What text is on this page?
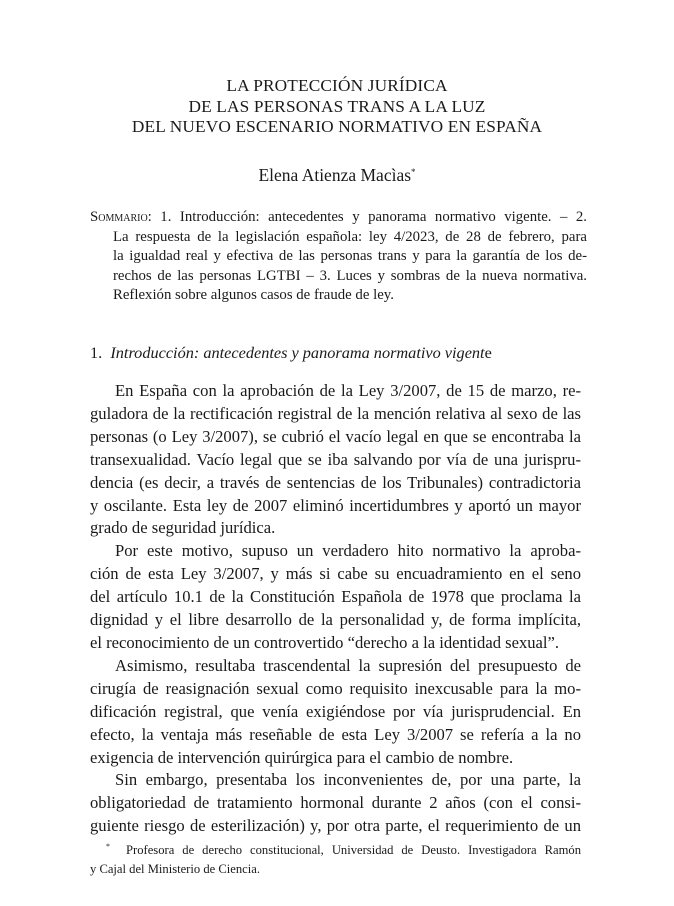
LA PROTECCIÓN JURÍDICA
DE LAS PERSONAS TRANS A LA LUZ
DEL NUEVO ESCENARIO NORMATIVO EN ESPAÑA
Elena Atienza Macìas*
Sommario: 1. Introducción: antecedentes y panorama normativo vigente. – 2.
La respuesta de la legislación española: ley 4/2023, de 28 de febrero, para
la igualdad real y efectiva de las personas trans y para la garantía de los de-
rechos de las personas LGTBI – 3. Luces y sombras de la nueva normativa.
Reflexión sobre algunos casos de fraude de ley.
1. Introducción: antecedentes y panorama normativo vigente
En España con la aprobación de la Ley 3/2007, de 15 de marzo, re-
guladora de la rectificación registral de la mención relativa al sexo de las
personas (o Ley 3/2007), se cubrió el vacío legal en que se encontraba la
transexualidad. Vacío legal que se iba salvando por vía de una jurispru-
dencia (es decir, a través de sentencias de los Tribunales) contradictoria
y oscilante. Esta ley de 2007 eliminó incertidumbres y aportó un mayor
grado de seguridad jurídica.
Por este motivo, supuso un verdadero hito normativo la aproba-
ción de esta Ley 3/2007, y más si cabe su encuadramiento en el seno
del artículo 10.1 de la Constitución Española de 1978 que proclama la
dignidad y el libre desarrollo de la personalidad y, de forma implícita,
el reconocimiento de un controvertido “derecho a la identidad sexual”.
Asimismo, resultaba trascendental la supresión del presupuesto de
cirugía de reasignación sexual como requisito inexcusable para la mo-
dificación registral, que venía exigiéndose por vía jurisprudencial. En
efecto, la ventaja más reseñable de esta Ley 3/2007 se refería a la no
exigencia de intervención quirúrgica para el cambio de nombre.
Sin embargo, presentaba los inconvenientes de, por una parte, la
obligatoriedad de tratamiento hormonal durante 2 años (con el consi-
guiente riesgo de esterilización) y, por otra parte, el requerimiento de un
* Profesora de derecho constitucional, Universidad de Deusto. Investigadora Ramón
y Cajal del Ministerio de Ciencia.
